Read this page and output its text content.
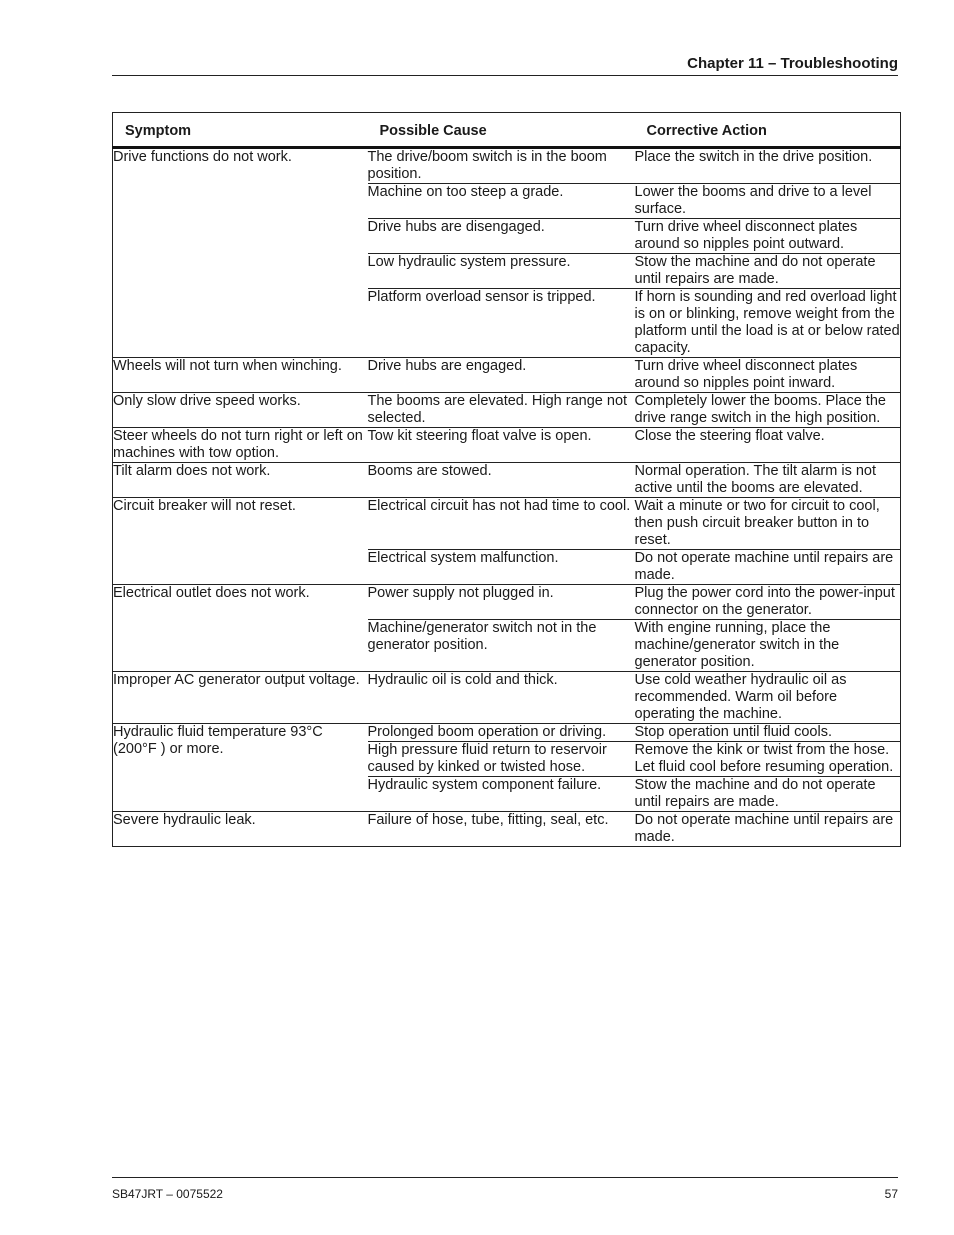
Chapter 11 – Troubleshooting
Symptom	Possible Cause	Corrective Action
Drive functions do not work.	The drive/boom switch is in the boom position.	Place the switch in the drive position.
	Machine on too steep a grade.	Lower the booms and drive to a level surface.
	Drive hubs are disengaged.	Turn drive wheel disconnect plates around so nipples point outward.
	Low hydraulic system pressure.	Stow the machine and do not operate until repairs are made.
	Platform overload sensor is tripped.	If horn is sounding and red overload light is on or blinking, remove weight from the platform until the load is at or below rated capacity.
Wheels will not turn when winching.	Drive hubs are engaged.	Turn drive wheel disconnect plates around so nipples point inward.
Only slow drive speed works.	The booms are elevated. High range not selected.	Completely lower the booms. Place the drive range switch in the high position.
Steer wheels do not turn right or left on machines with tow option.	Tow kit steering float valve is open.	Close the steering float valve.
Tilt alarm does not work.	Booms are stowed.	Normal operation. The tilt alarm is not active until the booms are elevated.
Circuit breaker will not reset.	Electrical circuit has not had time to cool.	Wait a minute or two for circuit to cool, then push circuit breaker button in to reset.
	Electrical system malfunction.	Do not operate machine until repairs are made.
Electrical outlet does not work.	Power supply not plugged in.	Plug the power cord into the power-input connector on the generator.
	Machine/generator switch not in the generator position.	With engine running, place the machine/generator switch in the generator position.
Improper AC generator output voltage.	Hydraulic oil is cold and thick.	Use cold weather hydraulic oil as recommended. Warm oil before operating the machine.
Hydraulic fluid temperature 93°C (200°F ) or more.	Prolonged boom operation or driving.	Stop operation until fluid cools.
	High pressure fluid return to reservoir caused by kinked or twisted hose.	Remove the kink or twist from the hose. Let fluid cool before resuming operation.
	Hydraulic system component failure.	Stow the machine and do not operate until repairs are made.
Severe hydraulic leak.	Failure of hose, tube, fitting, seal, etc.	Do not operate machine until repairs are made.
SB47JRT – 0075522	57
